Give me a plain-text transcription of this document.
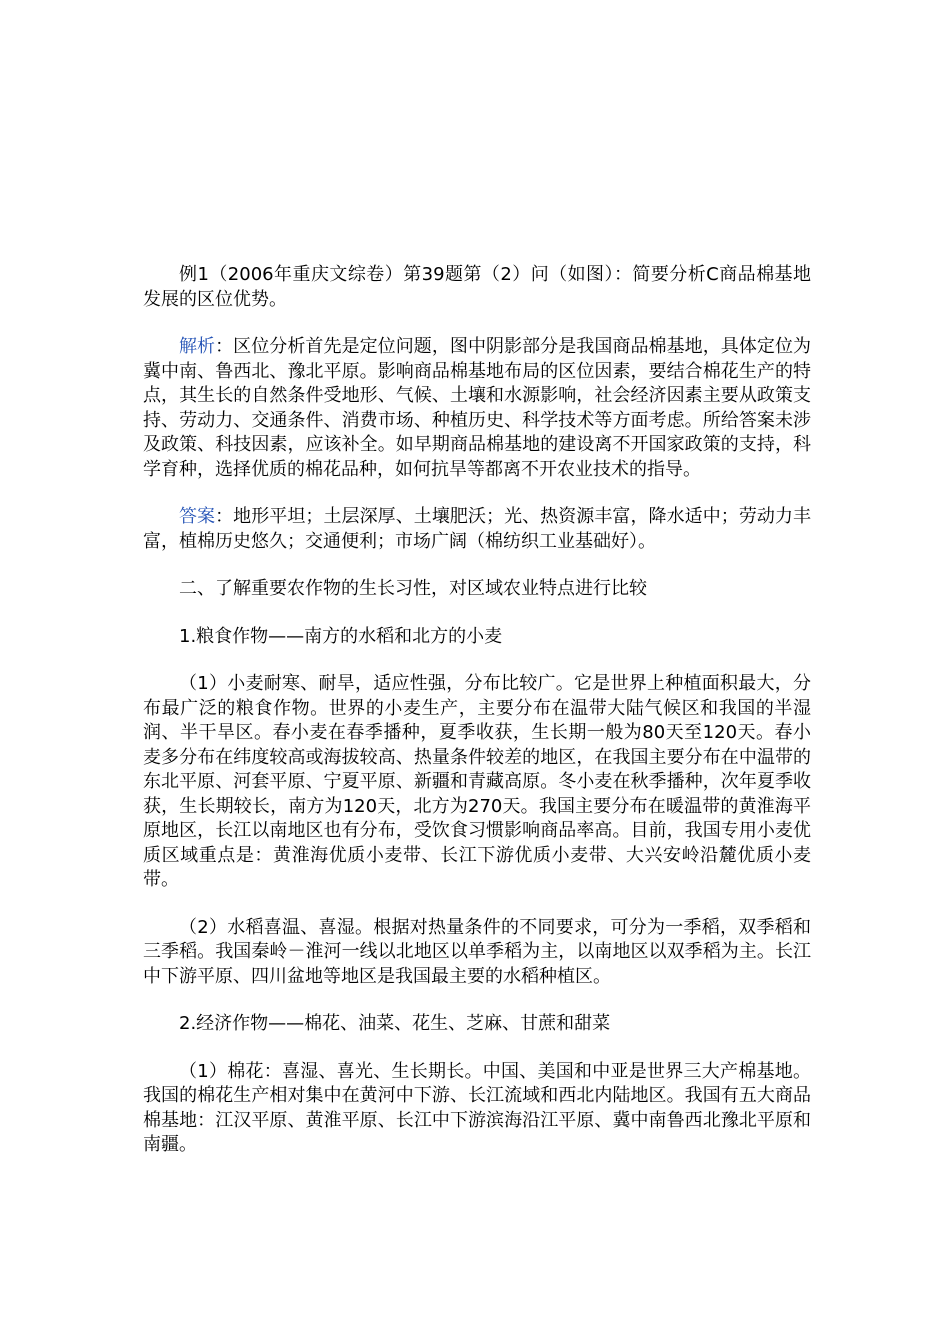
例1（2006年重庆文综卷）第39题第（2）问（如图）：简要分析C商品棉基地发展的区位优势。

解析：区位分析首先是定位问题，图中阴影部分是我国商品棉基地，具体定位为冀中南、鲁西北、豫北平原。影响商品棉基地布局的区位因素，要结合棉花生产的特点，其生长的自然条件受地形、气候、土壤和水源影响，社会经济因素主要从政策支持、劳动力、交通条件、消费市场、种植历史、科学技术等方面考虑。所给答案未涉及政策、科技因素，应该补全。如早期商品棉基地的建设离不开国家政策的支持，科学育种，选择优质的棉花品种，如何抗旱等都离不开农业技术的指导。

答案：地形平坦；土层深厚、土壤肥沃；光、热资源丰富，降水适中；劳动力丰富，植棉历史悠久；交通便利；市场广阔（棉纺织工业基础好）。

二、了解重要农作物的生长习性，对区域农业特点进行比较

1.粮食作物——南方的水稻和北方的小麦

（1）小麦耐寒、耐旱，适应性强，分布比较广。它是世界上种植面积最大，分布最广泛的粮食作物。世界的小麦生产，主要分布在温带大陆气候区和我国的半湿润、半干旱区。春小麦在春季播种，夏季收获，生长期一般为80天至120天。春小麦多分布在纬度较高或海拔较高、热量条件较差的地区，在我国主要分布在中温带的东北平原、河套平原、宁夏平原、新疆和青藏高原。冬小麦在秋季播种，次年夏季收获，生长期较长，南方为120天，北方为270天。我国主要分布在暖温带的黄淮海平原地区，长江以南地区也有分布，受饮食习惯影响商品率高。目前，我国专用小麦优质区域重点是：黄淮海优质小麦带、长江下游优质小麦带、大兴安岭沿麓优质小麦带。

（2）水稻喜温、喜湿。根据对热量条件的不同要求，可分为一季稻，双季稻和三季稻。我国秦岭－淮河一线以北地区以单季稻为主，以南地区以双季稻为主。长江中下游平原、四川盆地等地区是我国最主要的水稻种植区。

2.经济作物——棉花、油菜、花生、芝麻、甘蔗和甜菜

（1）棉花：喜湿、喜光、生长期长。中国、美国和中亚是世界三大产棉基地。我国的棉花生产相对集中在黄河中下游、长江流域和西北内陆地区。我国有五大商品棉基地：江汉平原、黄淮平原、长江中下游滨海沿江平原、冀中南鲁西北豫北平原和南疆。
